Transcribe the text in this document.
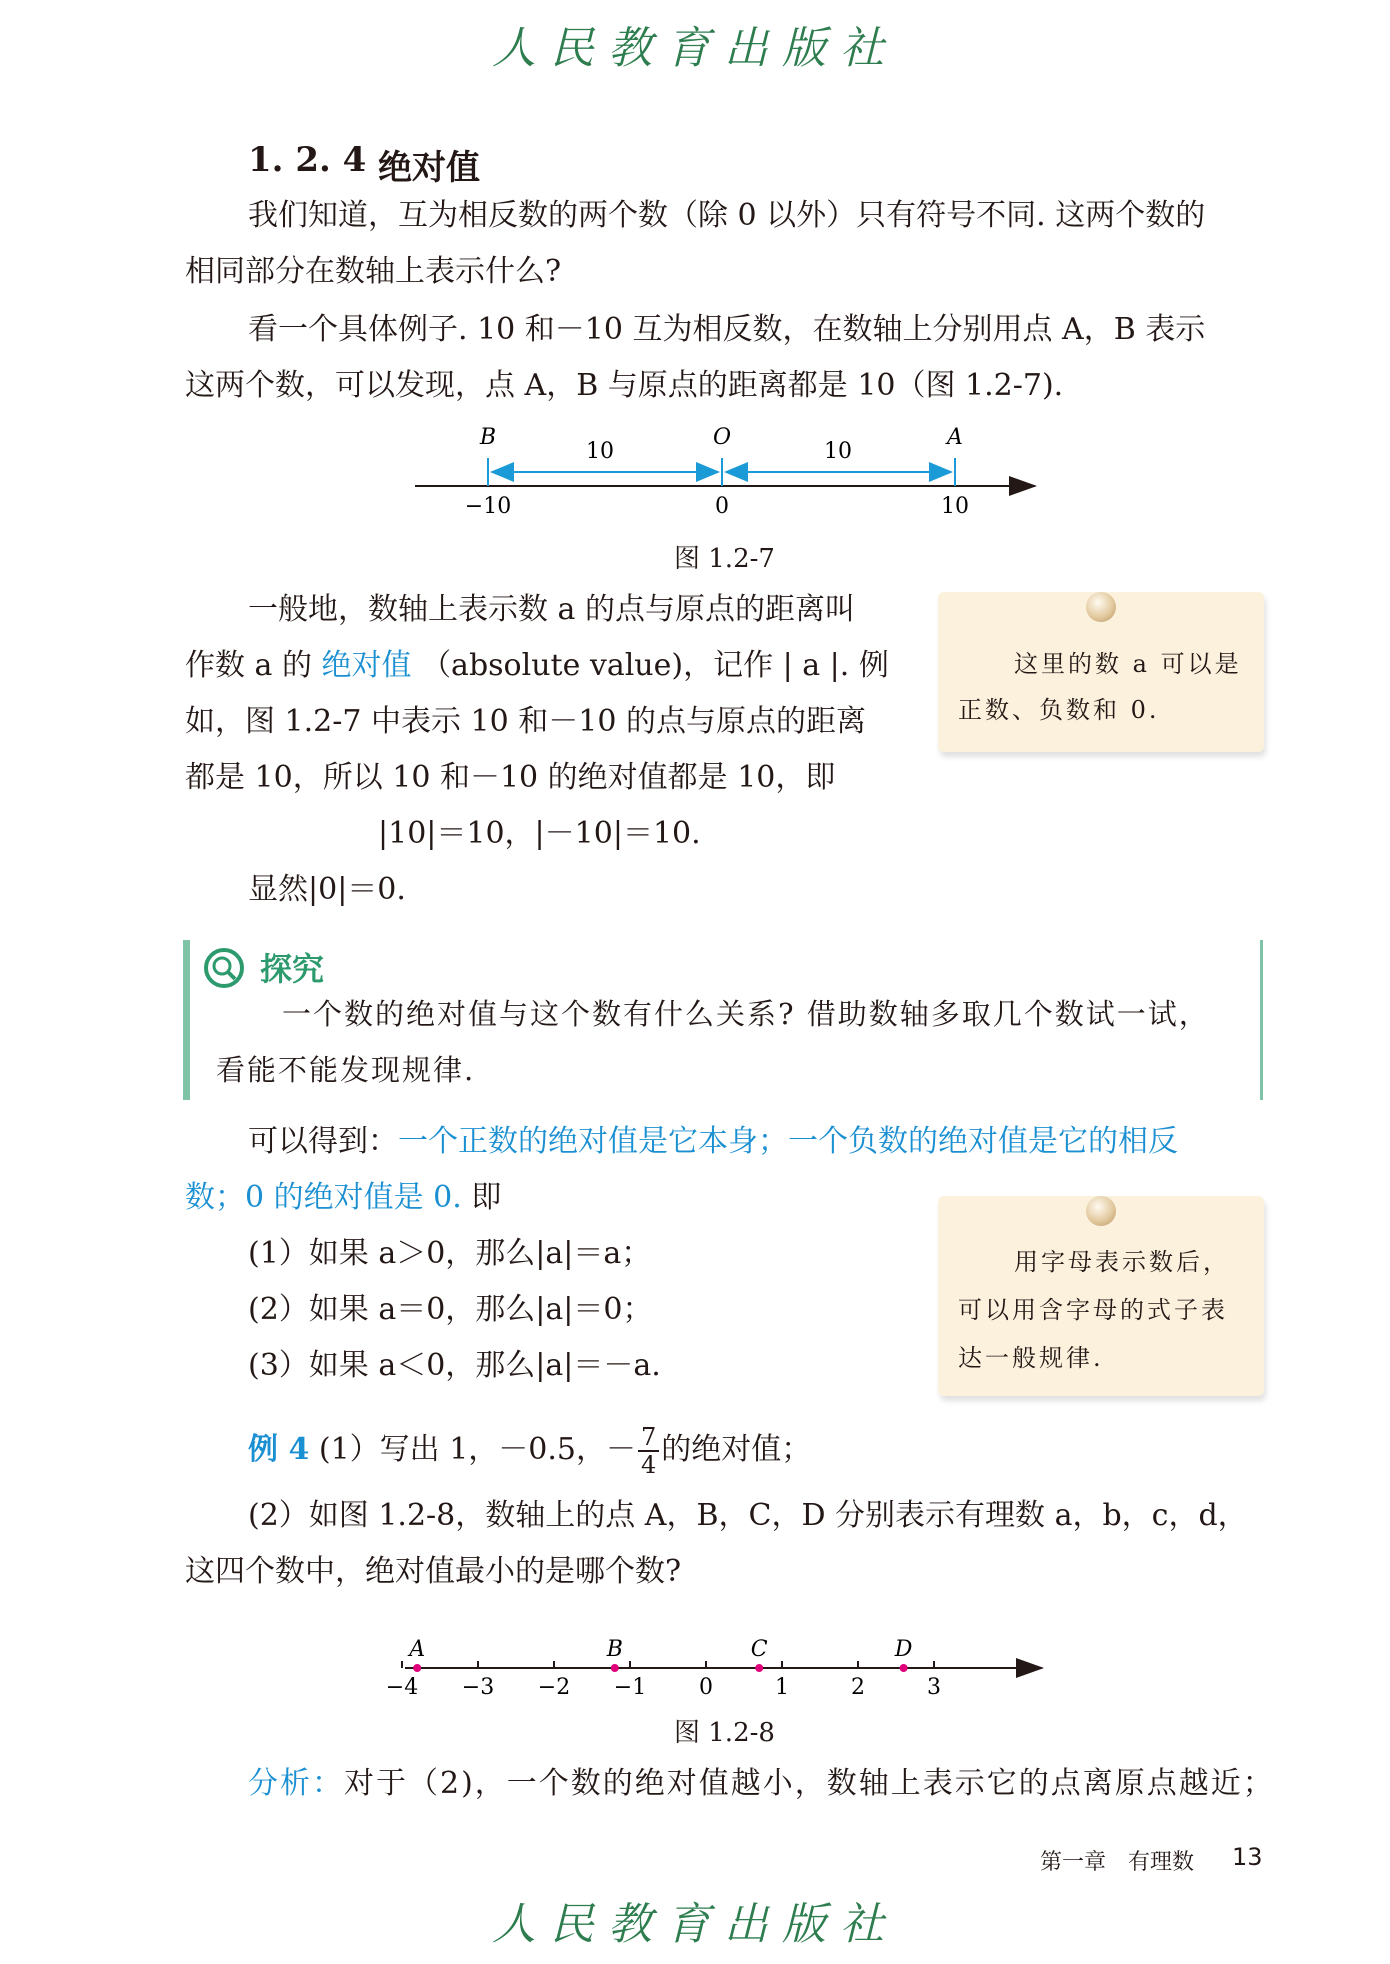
人民教育出版社
1. 2. 4 绝对值
我们知道，互为相反数的两个数（除 0 以外）只有符号不同. 这两个数的
相同部分在数轴上表示什么?
看一个具体例子. 10 和－10 互为相反数，在数轴上分别用点 A，B 表示
这两个数，可以发现，点 A，B 与原点的距离都是 10（图 1.2-7).
B	O	A
10	10
−10	0	10
图 1.2-7
一般地，数轴上表示数 a 的点与原点的距离叫
作数 a 的 绝对值 （absolute value)，记作 | a |. 例
如，图 1.2-7 中表示 10 和－10 的点与原点的距离
都是 10，所以 10 和－10 的绝对值都是 10，即
|10|＝10，|－10|＝10.
显然|0|＝0.
这里的数 a 可以是
正数、负数和 0.
探究
一个数的绝对值与这个数有什么关系? 借助数轴多取几个数试一试，
看能不能发现规律.
可以得到：一个正数的绝对值是它本身；一个负数的绝对值是它的相反
数；0 的绝对值是 0. 即
(1）如果 a＞0，那么|a|＝a；
(2）如果 a＝0，那么|a|＝0；
(3）如果 a＜0，那么|a|＝－a.
用字母表示数后，
可以用含字母的式子表
达一般规律.
例 4 (1）写出 1，－0.5，－ $\frac{7}{4}$ 的绝对值；
(2）如图 1.2-8，数轴上的点 A，B，C，D 分别表示有理数 a，b，c，d，
这四个数中，绝对值最小的是哪个数?
−4 −3 −2 −1 0	1	2	3
A	B	C	D
图 1.2-8
分析：对于（2)，一个数的绝对值越小，数轴上表示它的点离原点越近；
第一章　有理数 13
人民教育出版社
